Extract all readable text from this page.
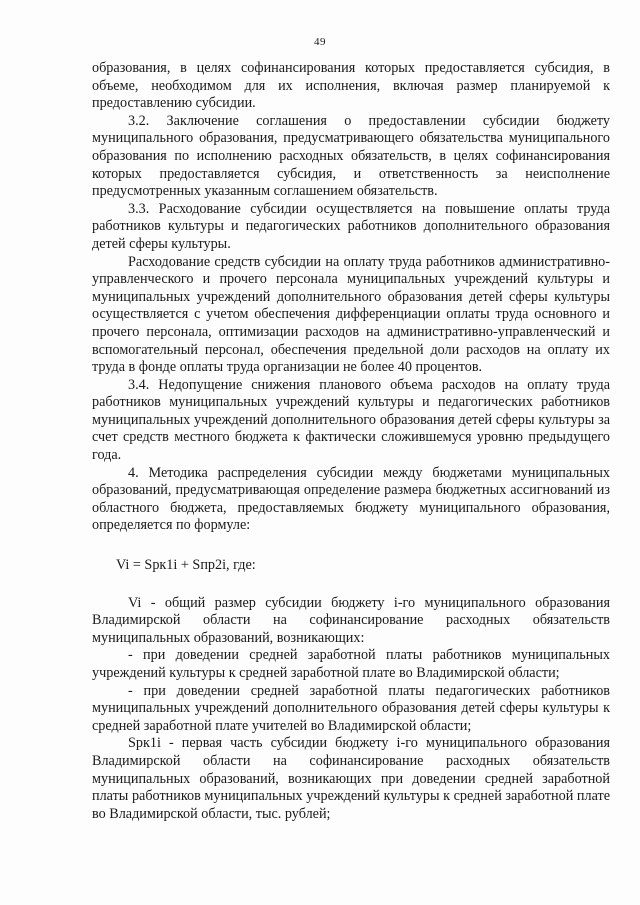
49

образования, в целях софинансирования которых предоставляется субсидия, в объеме, необходимом для их исполнения, включая размер планируемой к предоставлению субсидии.

3.2. Заключение соглашения о предоставлении субсидии бюджету муниципального образования, предусматривающего обязательства муниципального образования по исполнению расходных обязательств, в целях софинансирования которых предоставляется субсидия, и ответственность за неисполнение предусмотренных указанным соглашением обязательств.

3.3. Расходование субсидии осуществляется на повышение оплаты труда работников культуры и педагогических работников дополнительного образования детей сферы культуры.

Расходование средств субсидии на оплату труда работников административно-управленческого и прочего персонала муниципальных учреждений культуры и муниципальных учреждений дополнительного образования детей сферы культуры осуществляется с учетом обеспечения дифференциации оплаты труда основного и прочего персонала, оптимизации расходов на административно-управленческий и вспомогательный персонал, обеспечения предельной доли расходов на оплату их труда в фонде оплаты труда организации не более 40 процентов.

3.4. Недопущение снижения планового объема расходов на оплату труда работников муниципальных учреждений культуры и педагогических работников муниципальных учреждений дополнительного образования детей сферы культуры за счет средств местного бюджета к фактически сложившемуся уровню предыдущего года.

4. Методика распределения субсидии между бюджетами муниципальных образований, предусматривающая определение размера бюджетных ассигнований из областного бюджета, предоставляемых бюджету муниципального образования, определяется по формуле:

Vi = Sрк1i + Sпр2i, где:

Vi - общий размер субсидии бюджету i-го муниципального образования Владимирской области на софинансирование расходных обязательств муниципальных образований, возникающих:

- при доведении средней заработной платы работников муниципальных учреждений культуры к средней заработной плате во Владимирской области;

- при доведении средней заработной платы педагогических работников муниципальных учреждений дополнительного образования детей сферы культуры к средней заработной плате учителей во Владимирской области;

Sрк1i - первая часть субсидии бюджету i-го муниципального образования Владимирской области на софинансирование расходных обязательств муниципальных образований, возникающих при доведении средней заработной платы работников муниципальных учреждений культуры к средней заработной плате во Владимирской области, тыс. рублей;
